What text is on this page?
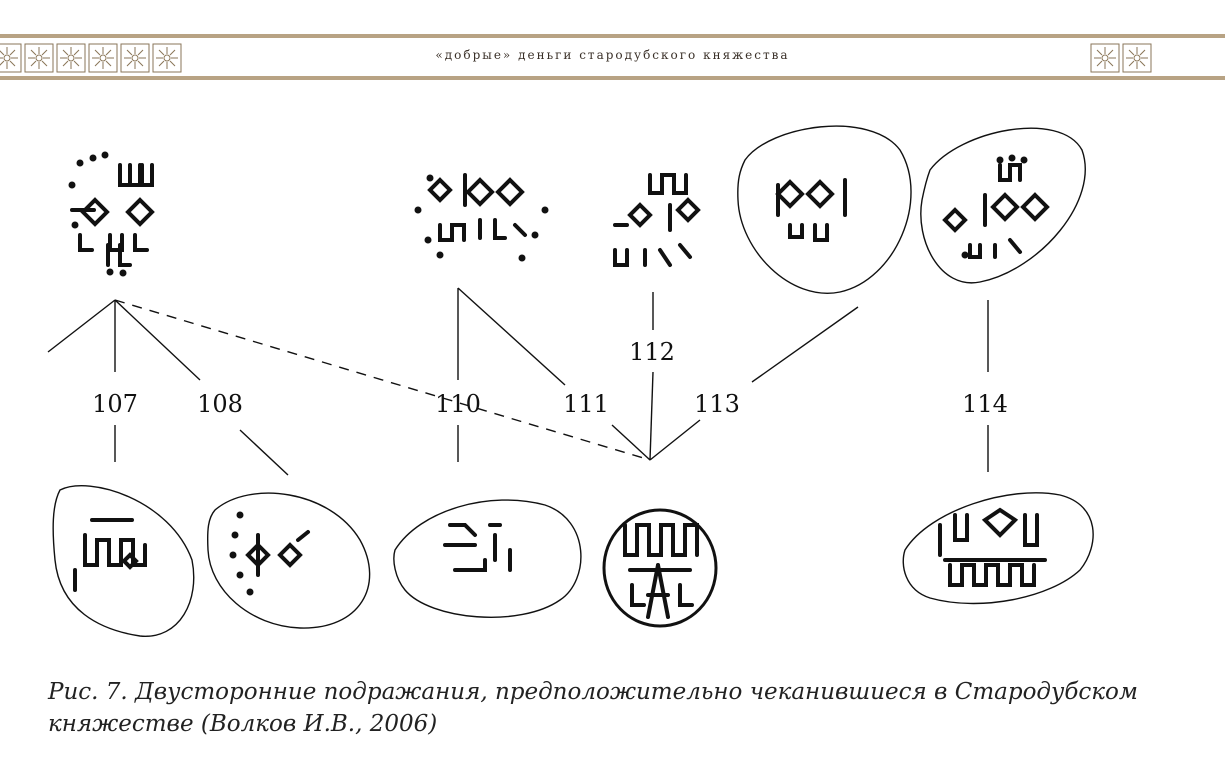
«добрые» деньги стародубского княжества
107 108	110	111
112
113	114
Рис. 7. Двусторонние подражания, предположительно чеканившиеся в Стародубском
княжестве (Волков И.В., 2006)
